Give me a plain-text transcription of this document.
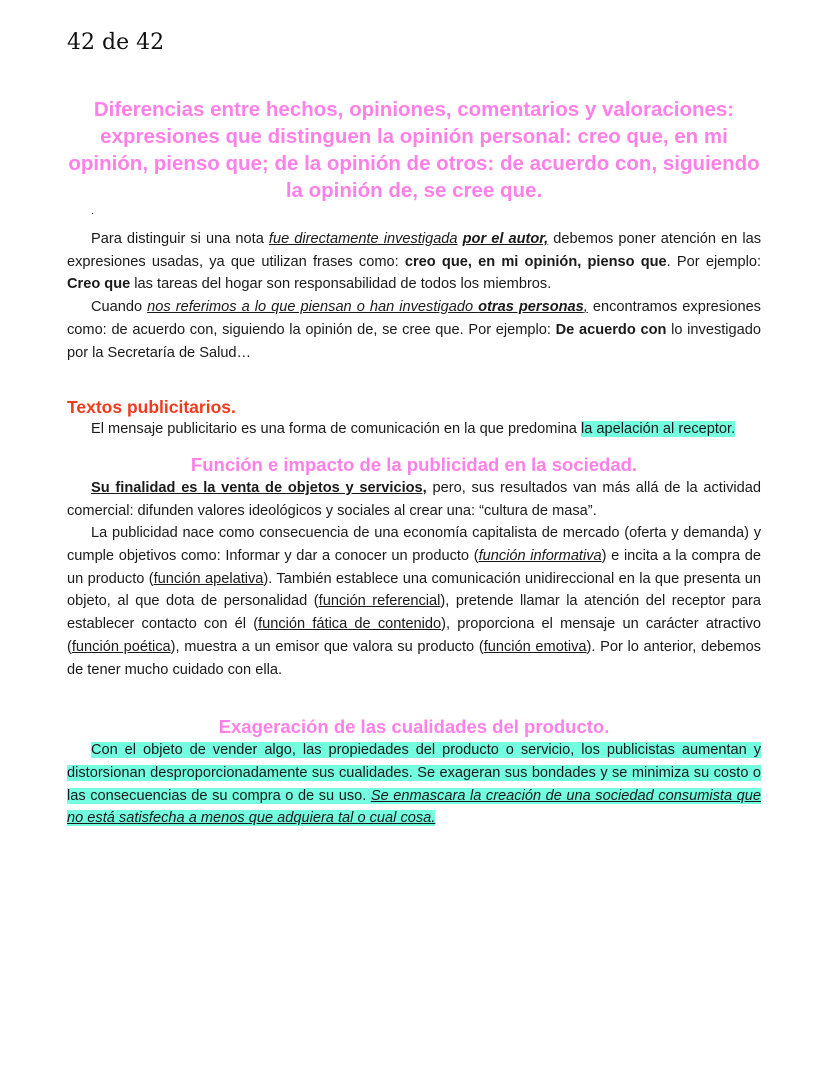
42 de 42
Diferencias entre hechos, opiniones, comentarios y valoraciones: expresiones que distinguen la opinión personal: creo que, en mi opinión, pienso que; de la opinión de otros: de acuerdo con, siguiendo la opinión de, se cree que.
.

Para distinguir si una nota fue directamente investigada por el autor, debemos poner atención en las expresiones usadas, ya que utilizan frases como: creo que, en mi opinión, pienso que. Por ejemplo: Creo que las tareas del hogar son responsabilidad de todos los miembros.

Cuando nos referimos a lo que piensan o han investigado otras personas, encontramos expresiones como: de acuerdo con, siguiendo la opinión de, se cree que. Por ejemplo: De acuerdo con lo investigado por la Secretaría de Salud…

Textos publicitarios.

El mensaje publicitario es una forma de comunicación en la que predomina la apelación al receptor.

Función e impacto de la publicidad en la sociedad.

Su finalidad es la venta de objetos y servicios, pero, sus resultados van más allá de la actividad comercial: difunden valores ideológicos y sociales al crear una: “cultura de masa”.

La publicidad nace como consecuencia de una economía capitalista de mercado (oferta y demanda) y cumple objetivos como: Informar y dar a conocer un producto (función informativa) e incita a la compra de un producto (función apelativa). También establece una comunicación unidireccional en la que presenta un objeto, al que dota de personalidad (función referencial), pretende llamar la atención del receptor para establecer contacto con él (función fática de contenido), proporciona el mensaje un carácter atractivo (función poética), muestra a un emisor que valora su producto (función emotiva). Por lo anterior, debemos de tener mucho cuidado con ella.

Exageración de las cualidades del producto.

Con el objeto de vender algo, las propiedades del producto o servicio, los publicistas aumentan y distorsionan desproporcionadamente sus cualidades. Se exageran sus bondades y se minimiza su costo o las consecuencias de su compra o de su uso. Se enmascara la creación de una sociedad consumista que no está satisfecha a menos que adquiera tal o cual cosa.
